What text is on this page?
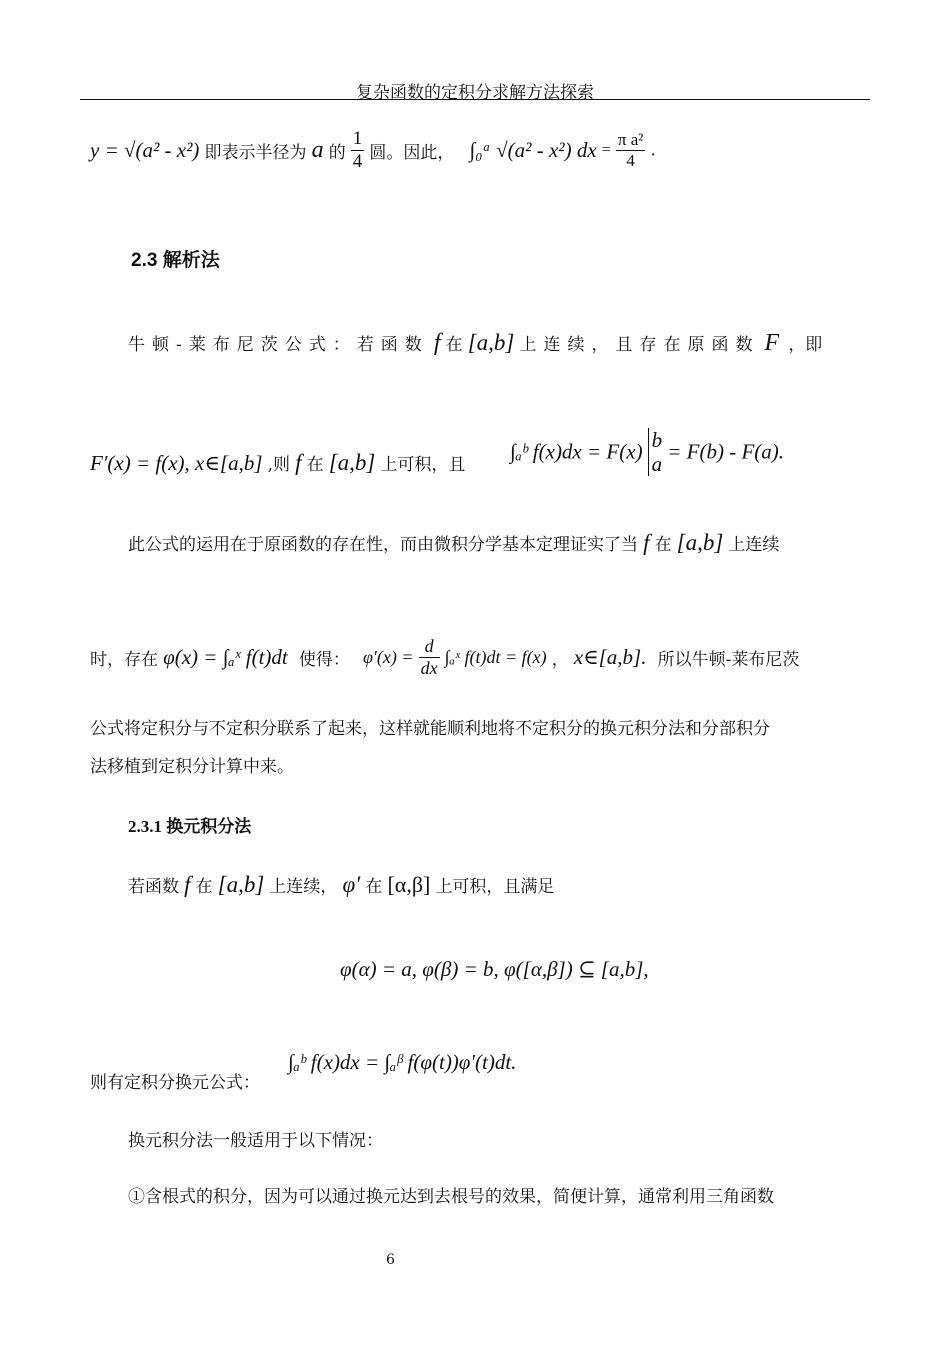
复杂函数的定积分求解方法探索
y = √(a² - x²) 即表示半径为 a 的 $\frac{1}{4}$ 圆。因此， ∫₀ᵃ √(a² - x²) dx = $\frac{\text{π a²}}{4}$ .
2.3 解析法
牛顿-莱布尼茨公式：若函数 f 在 [a,b] 上连续，且存在原函数 F ，即
F′(x) = f(x), x∈[a,b] ,则 f 在 [a,b] 上可积，且
∫ₐᵇ f(x)dx = F(x) b
a
= F(b) - F(a).
此公式的运用在于原函数的存在性，而由微积分学基本定理证实了当 f 在 [a,b] 上连续
时，存在 φ(x) = ∫ₐˣ f(t)dt 使得： $\varphi'(x) = \frac{d}{dx}$ ∫ₐˣ f(t)dt = f(x) ， x∈[a,b]. 所以牛顿-莱布尼茨
公式将定积分与不定积分联系了起来，这样就能顺利地将不定积分的换元积分法和分部积分
法移植到定积分计算中来。
2.3.1 换元积分法
若函数 f 在 [a,b] 上连续， φ′ 在 [α,β] 上可积，且满足
φ(α) = a, φ(β) = b, φ([α,β]) ⊆ [a,b],
则有定积分换元公式：
∫ₐᵇ f(x)dx = ∫ₐᵝ f(φ(t))φ′(t)dt.
换元积分法一般适用于以下情况：
①含根式的积分，因为可以通过换元达到去根号的效果，简便计算，通常利用三角函数
6
